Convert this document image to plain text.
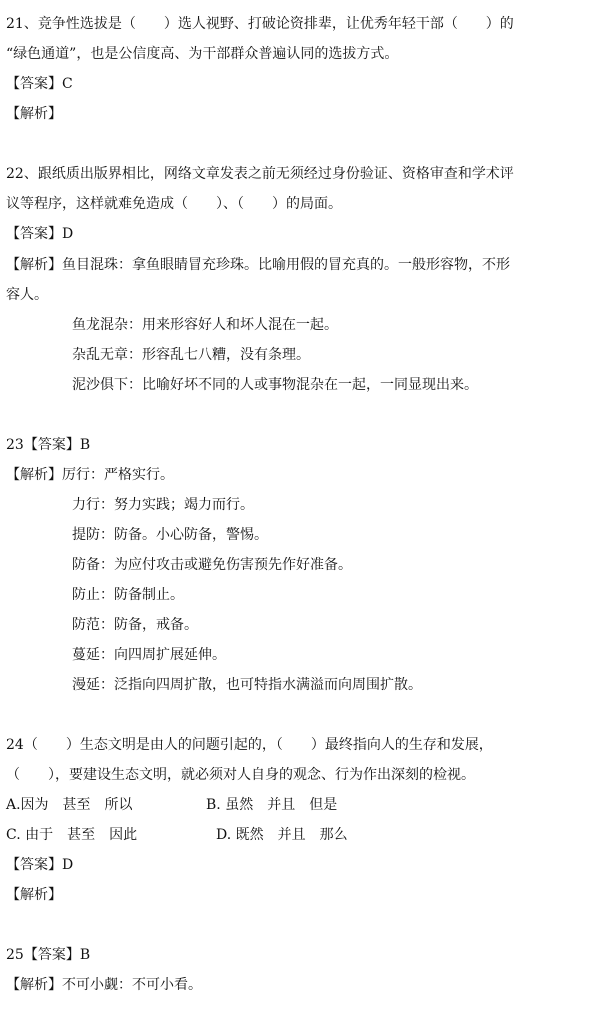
21、竞争性选拔是（　　）选人视野、打破论资排辈，让优秀年轻干部（　　）的
“绿色通道”，也是公信度高、为干部群众普遍认同的选拔方式。
【答案】C
【解析】
22、跟纸质出版界相比，网络文章发表之前无须经过身份验证、资格审查和学术评
议等程序，这样就难免造成（　　）、（　　）的局面。
【答案】D
【解析】鱼目混珠：拿鱼眼睛冒充珍珠。比喻用假的冒充真的。一般形容物，不形
容人。
鱼龙混杂：用来形容好人和坏人混在一起。
杂乱无章：形容乱七八糟，没有条理。
泥沙俱下：比喻好坏不同的人或事物混杂在一起，一同显现出来。
23【答案】B
【解析】厉行：严格实行。
力行：努力实践；竭力而行。
提防：防备。小心防备，警惕。
防备：为应付攻击或避免伤害预先作好准备。
防止：防备制止。
防范：防备，戒备。
蔓延：向四周扩展延伸。
漫延：泛指向四周扩散，也可特指水满溢而向周围扩散。
24（　　）生态文明是由人的问题引起的，（　　）最终指向人的生存和发展，
（　　），要建设生态文明，就必须对人自身的观念、行为作出深刻的检视。
A.因为　甚至　所以	B. 虽然　并且　但是
C. 由于　甚至　因此	D. 既然　并且　那么
【答案】D
【解析】
25【答案】B
【解析】不可小觑：不可小看。
